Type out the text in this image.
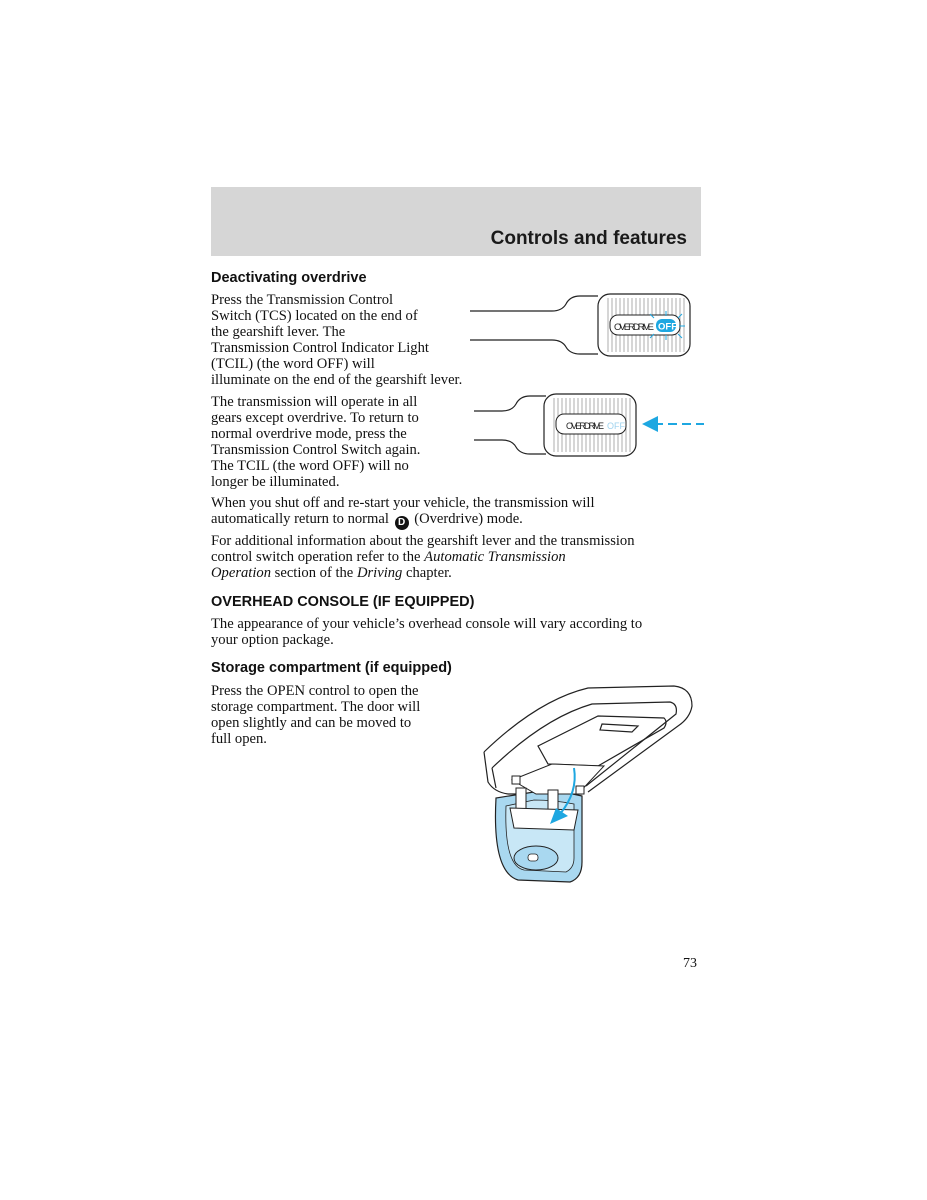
Controls and features
Deactivating overdrive
Press the Transmission Control
Switch (TCS) located on the end of
the gearshift lever. The
Transmission Control Indicator Light
(TCIL) (the word OFF) will
illuminate on the end of the gearshift lever.
The transmission will operate in all
gears except overdrive. To return to
normal overdrive mode, press the
Transmission Control Switch again.
The TCIL (the word OFF) will no
longer be illuminated.
When you shut off and re-start your vehicle, the transmission will
automatically return to normal D (Overdrive) mode.
For additional information about the gearshift lever and the transmission
control switch operation refer to the Automatic Transmission
Operation section of the Driving chapter.
OVERDRIVE OFF
OVERDRIVE OFF
OVERHEAD CONSOLE (IF EQUIPPED)
The appearance of your vehicle’s overhead console will vary according to
your option package.
Storage compartment (if equipped)
Press the OPEN control to open the
storage compartment. The door will
open slightly and can be moved to
full open.
73
